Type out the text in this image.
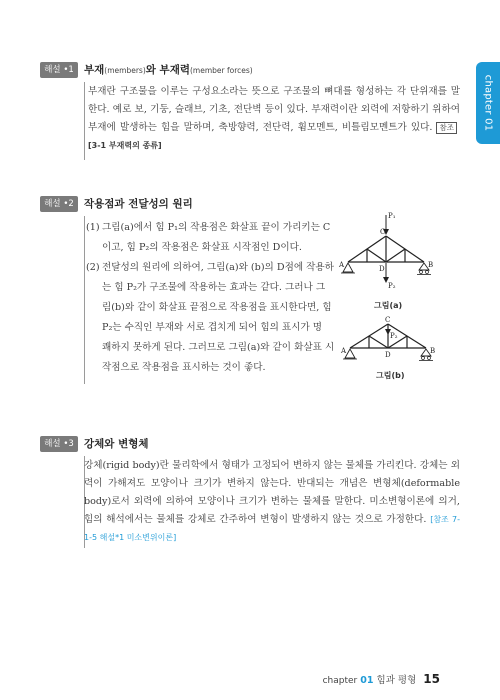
chapter 01
해설 •1 부재(members)와 부재력(member forces)
부재란 구조물을 이루는 구성요소라는 뜻으로 구조물의 뼈대를 형성하는 각 단위재를 말한다. 예로 보, 기둥, 슬래브, 기초, 전단벽 등이 있다. 부재력이란 외력에 저항하기 위하여 부재에 발생하는 힘을 말하며, 축방향력, 전단력, 휨모멘트, 비틀림모멘트가 있다. 참조[3-1 부재력의 종류]
해설 •2 작용점과 전달성의 원리
(1) 그림(a)에서 힘 P₁의 작용점은 화살표 끝이 가리키는 C
이고, 힘 P₂의 작용점은 화살표 시작점인 D이다.
(2) 전달성의 원리에 의하여, 그림(a)와 (b)의 D점에 작용하
는 힘 P₂가 구조물에 작용하는 효과는 같다. 그러나 그
림(b)와 같이 화살표 끝점으로 작용점을 표시한다면, 힘
P₂는 수직인 부재와 서로 겹치게 되어 힘의 표시가 명
쾌하지 못하게 된다. 그러므로 그림(a)와 같이 화살표 시
작점으로 작용점을 표시하는 것이 좋다.
P₁
C
D
P₂
A	B
그림(a)
C
P₂
D
A	B
그림(b)
해설 •3 강체와 변형체
강체(rigid body)란 물리학에서 형태가 고정되어 변하지 않는 물체를 가리킨다. 강체는 외력이 가해져도 모양이나 크기가 변하지 않는다. 반대되는 개념은 변형체(deformable body)로서 외력에 의하여 모양이나 크기가 변하는 물체를 말한다. 미소변형이론에 의거, 힘의 해석에서는 물체를 강체로 간주하여 변형이 발생하지 않는 것으로 가정한다. [참조 7-1-5 해설*1 미소변위이론]
chapter 01 힘과 평형 15
